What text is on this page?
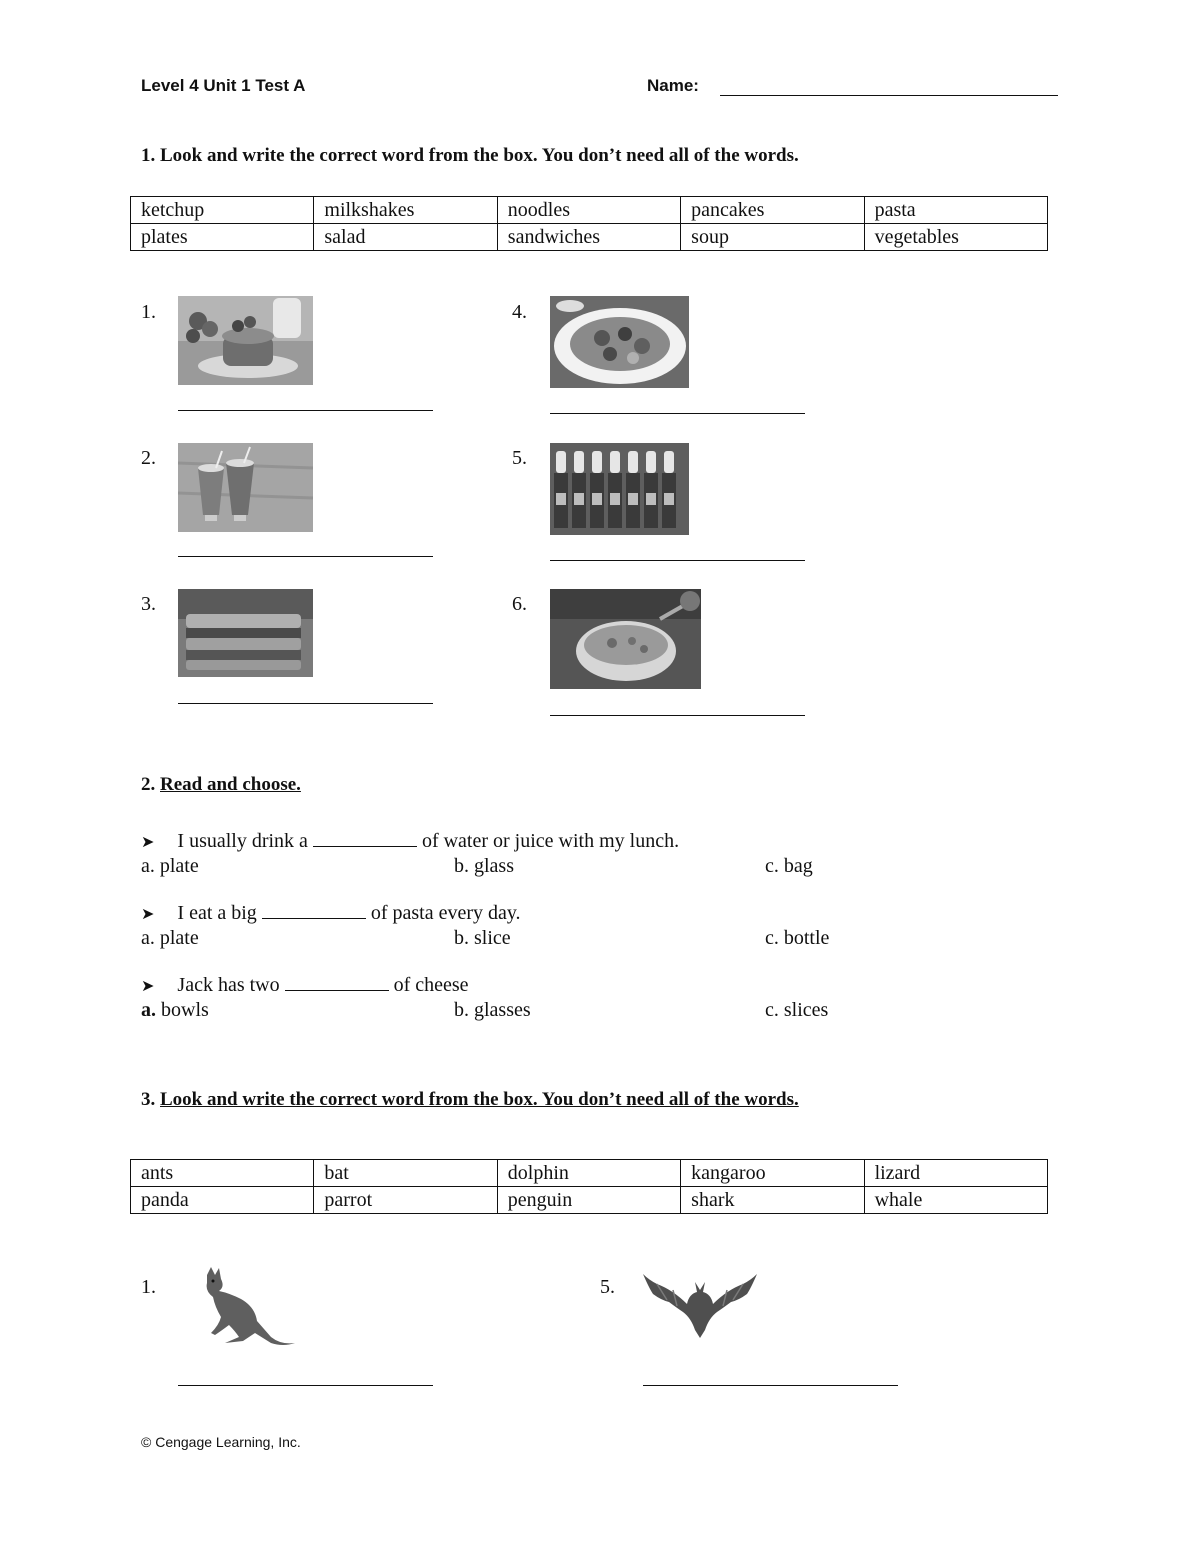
Level 4 Unit 1 Test A	Name:
1. Look and write the correct word from the box. You don’t need all of the words.
ketchup	milkshakes	noodles	pancakes	pasta
plates	salad	sandwiches	soup	vegetables
1.
2.
3.
4.
5.
6.
2. Read and choose.
➤ I usually drink a	of water or juice with my lunch.
a. plate	b. glass	c. bag
➤ I eat a big	of pasta every day.
a. plate	b. slice	c. bottle
➤ Jack has two	of cheese
a. bowls	b. glasses	c. slices
3. Look and write the correct word from the box. You don’t need all of the words.
ants	bat	dolphin	kangaroo	lizard
panda	parrot	penguin	shark	whale
1.	5.
© Cengage Learning, Inc.
